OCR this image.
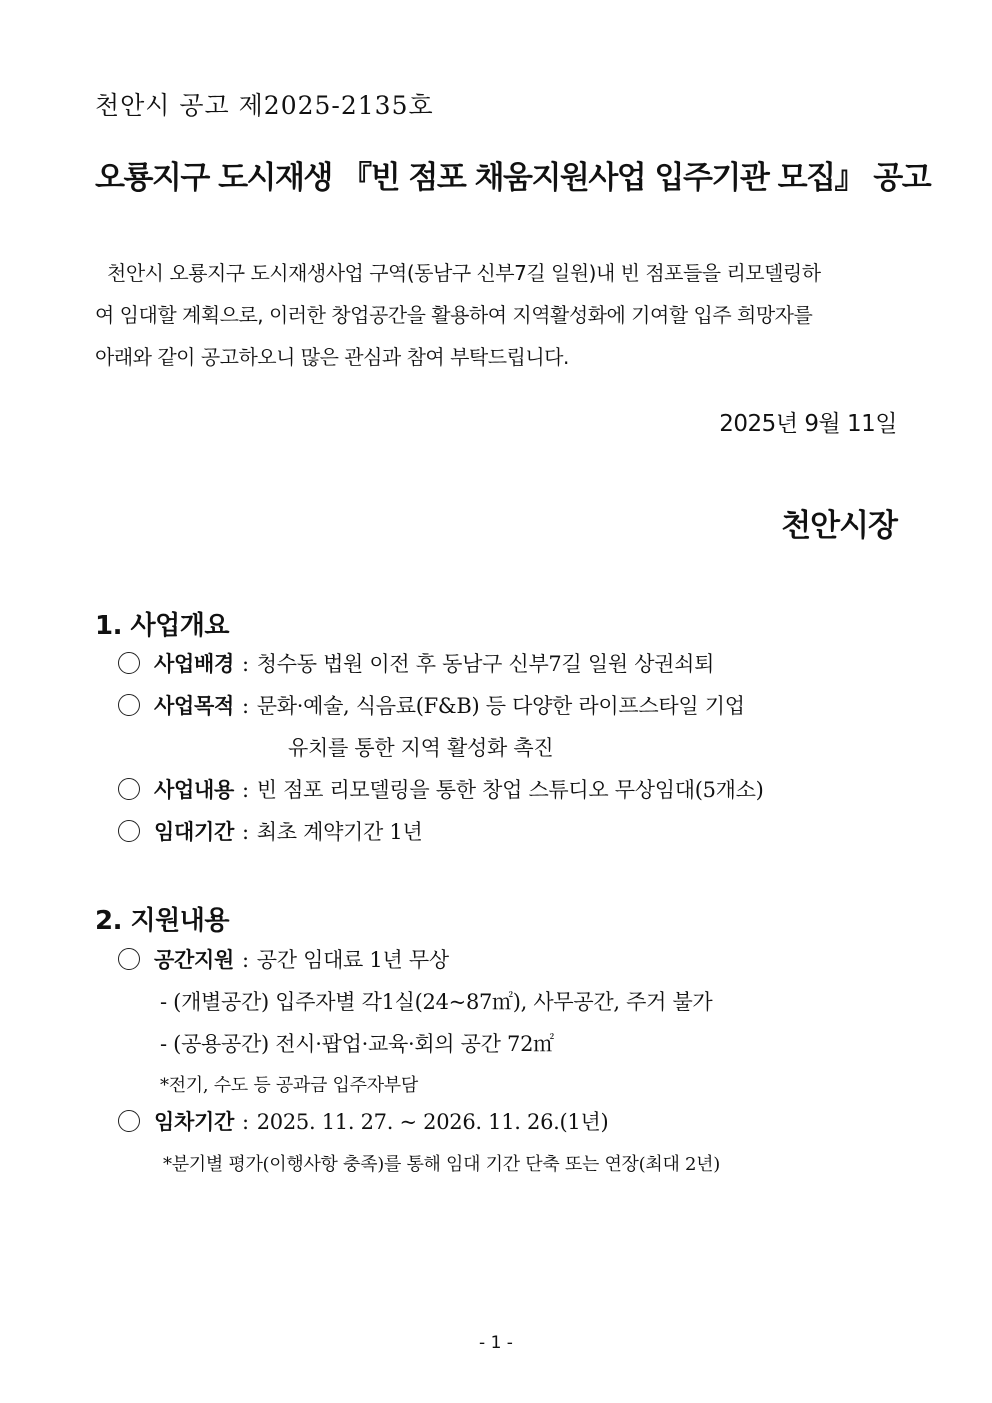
천안시 공고 제2025-2135호
오룡지구 도시재생 『빈 점포 채움지원사업 입주기관 모집』 공고
천안시 오룡지구 도시재생사업 구역(동남구 신부7길 일원)내 빈 점포들을 리모델링하
여 임대할 계획으로, 이러한 창업공간을 활용하여 지역활성화에 기여할 입주 희망자를
아래와 같이 공고하오니 많은 관심과 참여 부탁드립니다.
2025년 9월 11일
천안시장
1. 사업개요
사업배경 : 청수동 법원 이전 후 동남구 신부7길 일원 상권쇠퇴
사업목적 : 문화·예술, 식음료(F&B) 등 다양한 라이프스타일 기업
유치를 통한 지역 활성화 촉진
사업내용 : 빈 점포 리모델링을 통한 창업 스튜디오 무상임대(5개소)
임대기간 : 최초 계약기간 1년
2. 지원내용
공간지원 : 공간 임대료 1년 무상
- (개별공간) 입주자별 각1실(24~87㎡), 사무공간, 주거 불가
- (공용공간) 전시·팝업·교육·회의 공간 72㎡
*전기, 수도 등 공과금 입주자부담
임차기간 : 2025. 11. 27. ~ 2026. 11. 26.(1년)
*분기별 평가(이행사항 충족)를 통해 임대 기간 단축 또는 연장(최대 2년)
- 1 -
